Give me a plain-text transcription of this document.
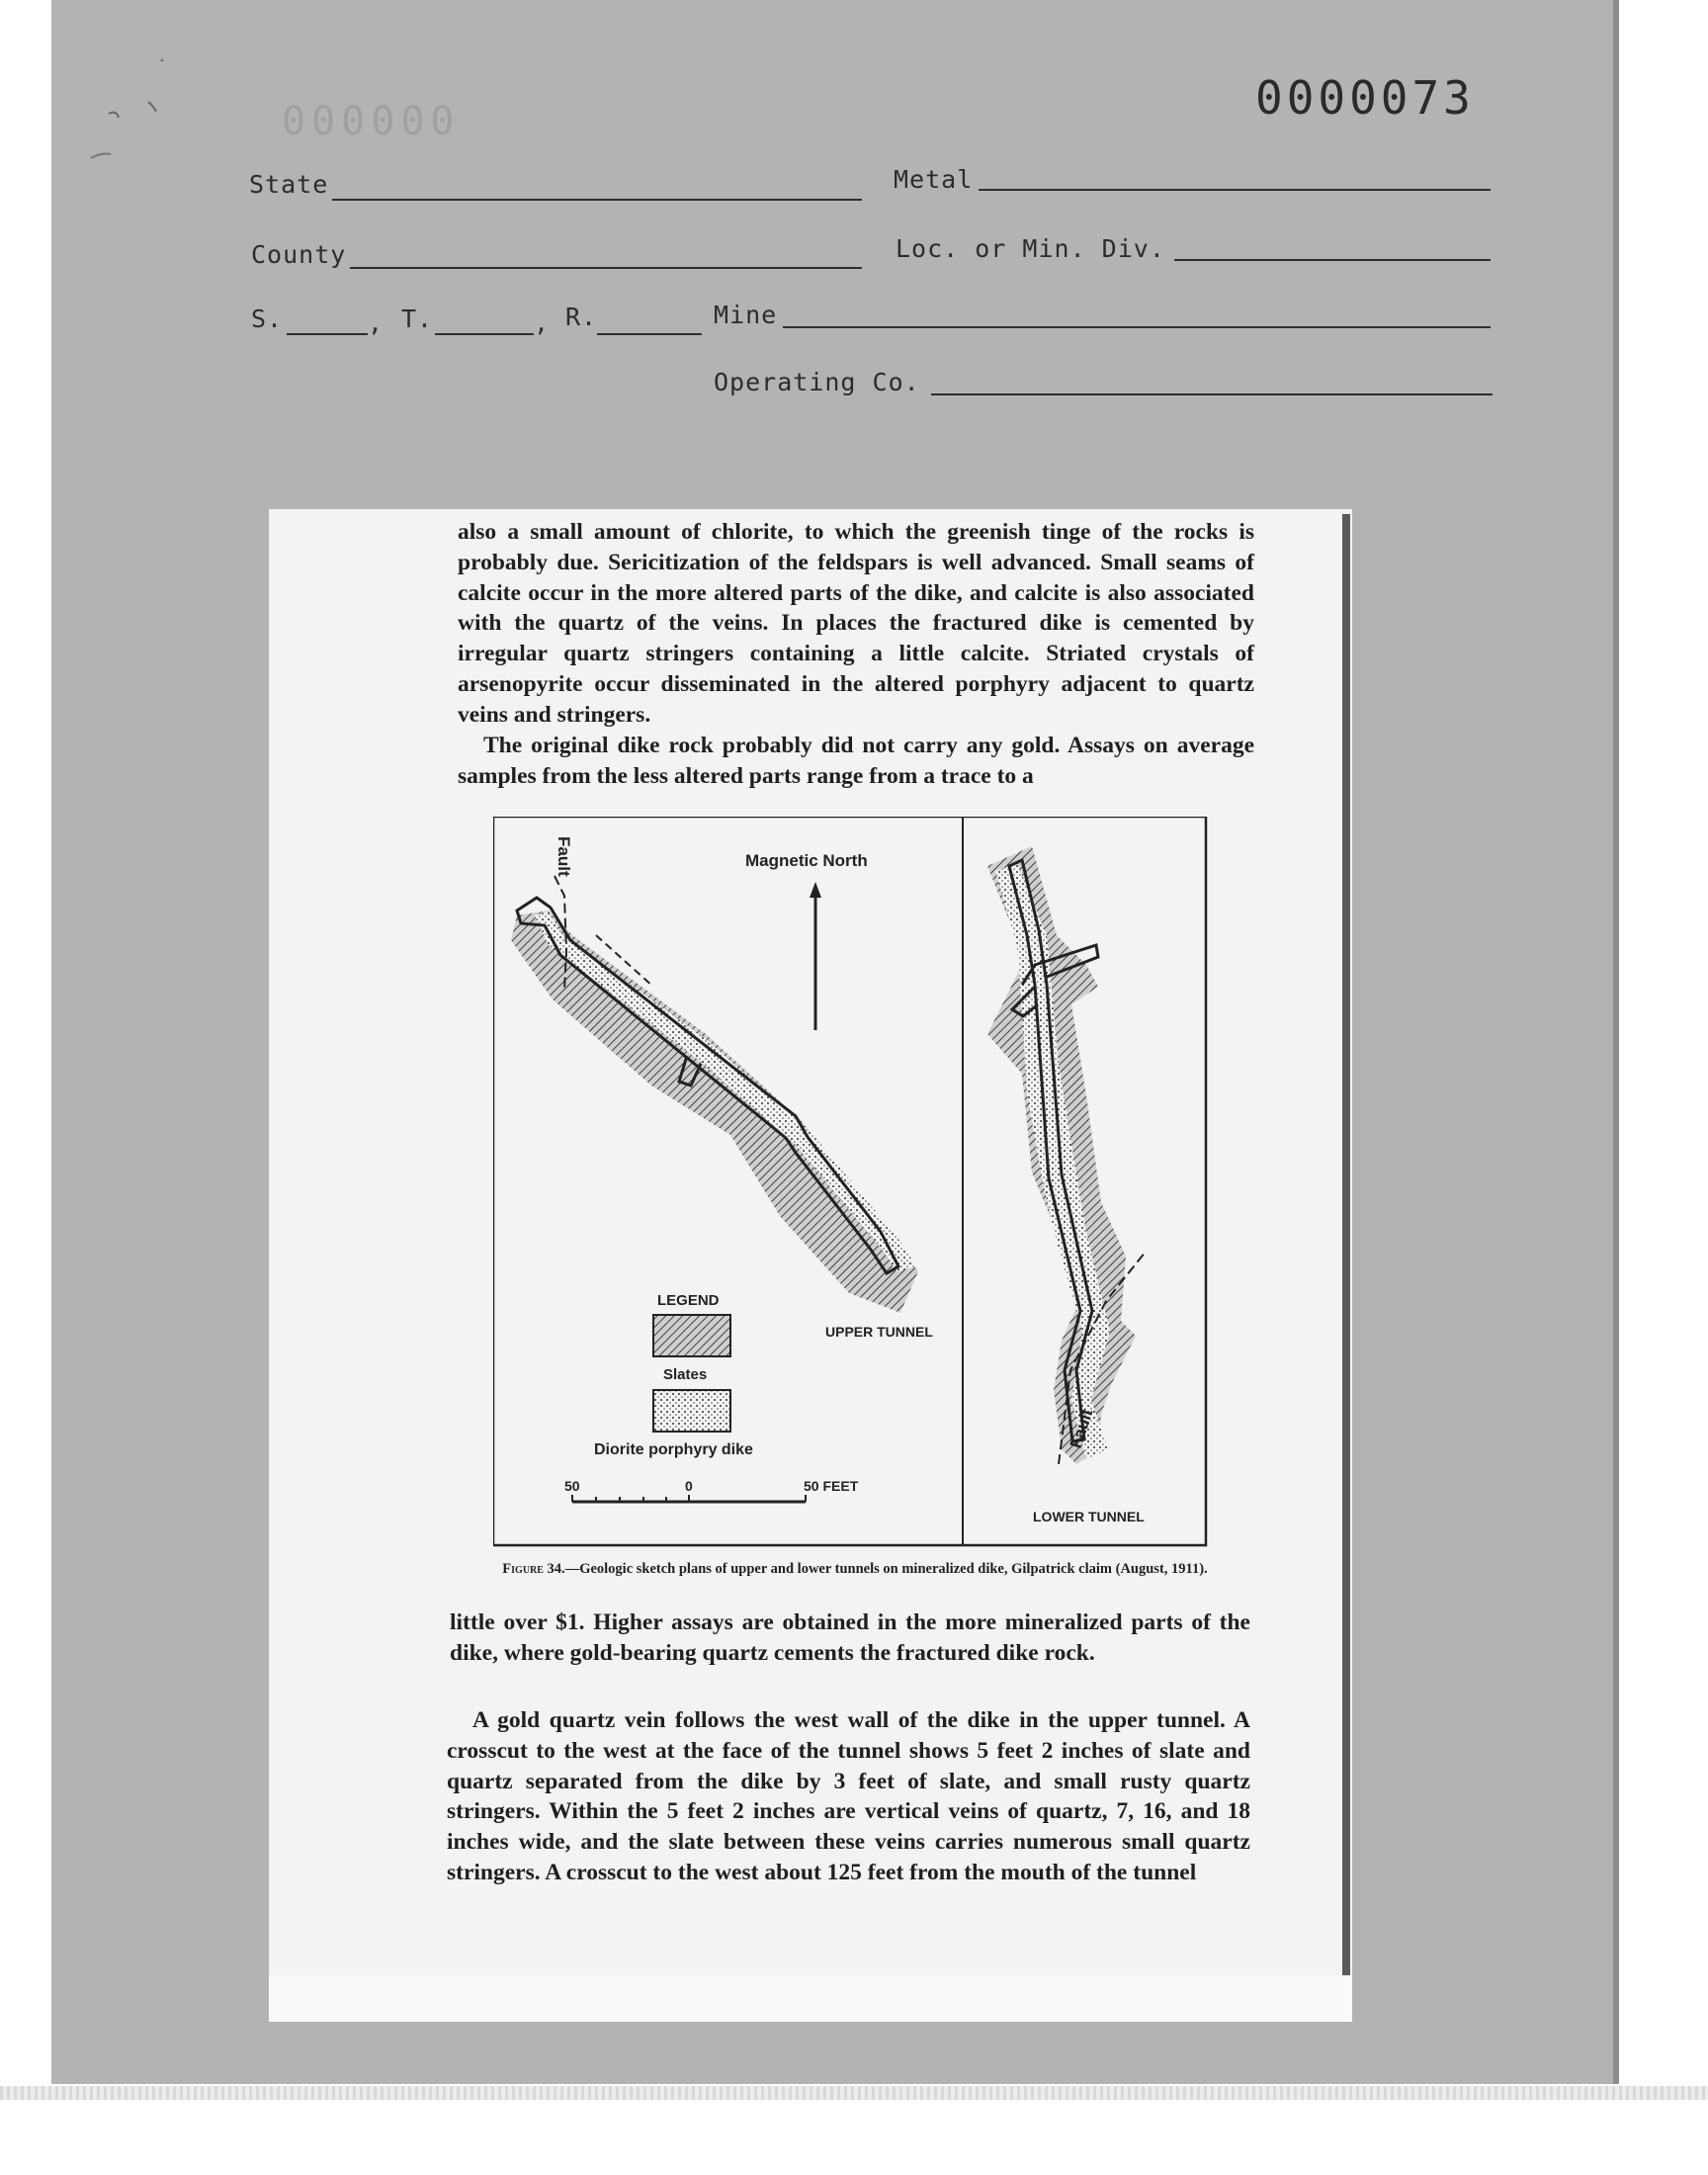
000000	0000073
State	Metal
County	Loc. or Min. Div.
S.	, T.	, R.	Mine
Operating Co.
also a small amount of chlorite, to which the greenish tinge of the rocks is probably due. Sericitization of the feldspars is well advanced. Small seams of calcite occur in the more altered parts of the dike, and calcite is also associated with the quartz of the veins. In places the fractured dike is cemented by irregular quartz stringers containing a little calcite. Striated crystals of arsenopyrite occur disseminated in the altered porphyry adjacent to quartz veins and stringers.
The original dike rock probably did not carry any gold. Assays on average samples from the less altered parts range from a trace to a
Fault	Magnetic North
LEGEND
Slates
Diorite porphyry dike
50	0	50 FEET
UPPER TUNNEL
Fault
LOWER TUNNEL
Figure 34.—Geologic sketch plans of upper and lower tunnels on mineralized dike, Gilpatrick claim (August, 1911).
little over $1. Higher assays are obtained in the more mineralized parts of the dike, where gold-bearing quartz cements the fractured dike rock.
A gold quartz vein follows the west wall of the dike in the upper tunnel. A crosscut to the west at the face of the tunnel shows 5 feet 2 inches of slate and quartz separated from the dike by 3 feet of slate, and small rusty quartz stringers. Within the 5 feet 2 inches are vertical veins of quartz, 7, 16, and 18 inches wide, and the slate between these veins carries numerous small quartz stringers. A crosscut to the west about 125 feet from the mouth of the tunnel
